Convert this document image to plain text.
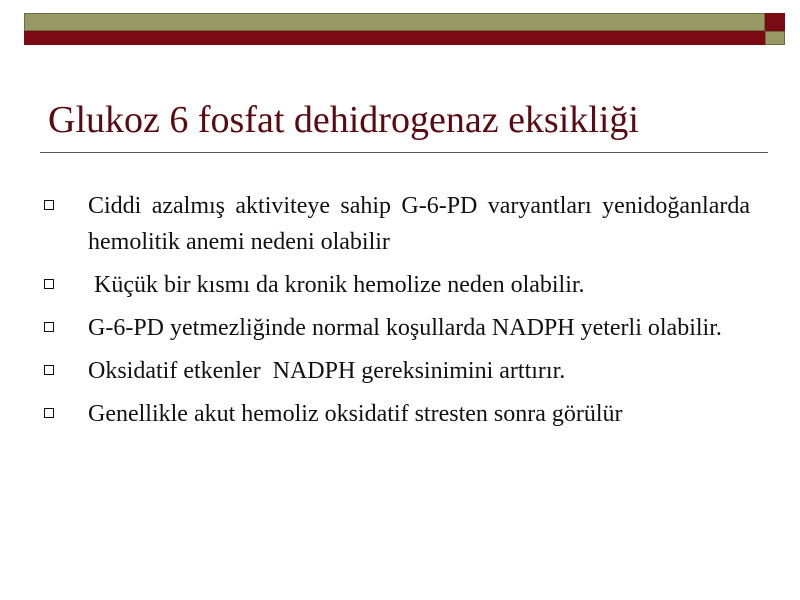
Glukoz 6 fosfat dehidrogenaz eksikliği
Ciddi azalmış aktiviteye sahip G-6-PD varyantları yenidoğanlarda hemolitik anemi nedeni olabilir
Küçük bir kısmı da kronik hemolize neden olabilir.
G-6-PD yetmezliğinde normal koşullarda NADPH yeterli olabilir.
Oksidatif etkenler  NADPH gereksinimini arttırır.
Genellikle akut hemoliz oksidatif stresten sonra görülür
